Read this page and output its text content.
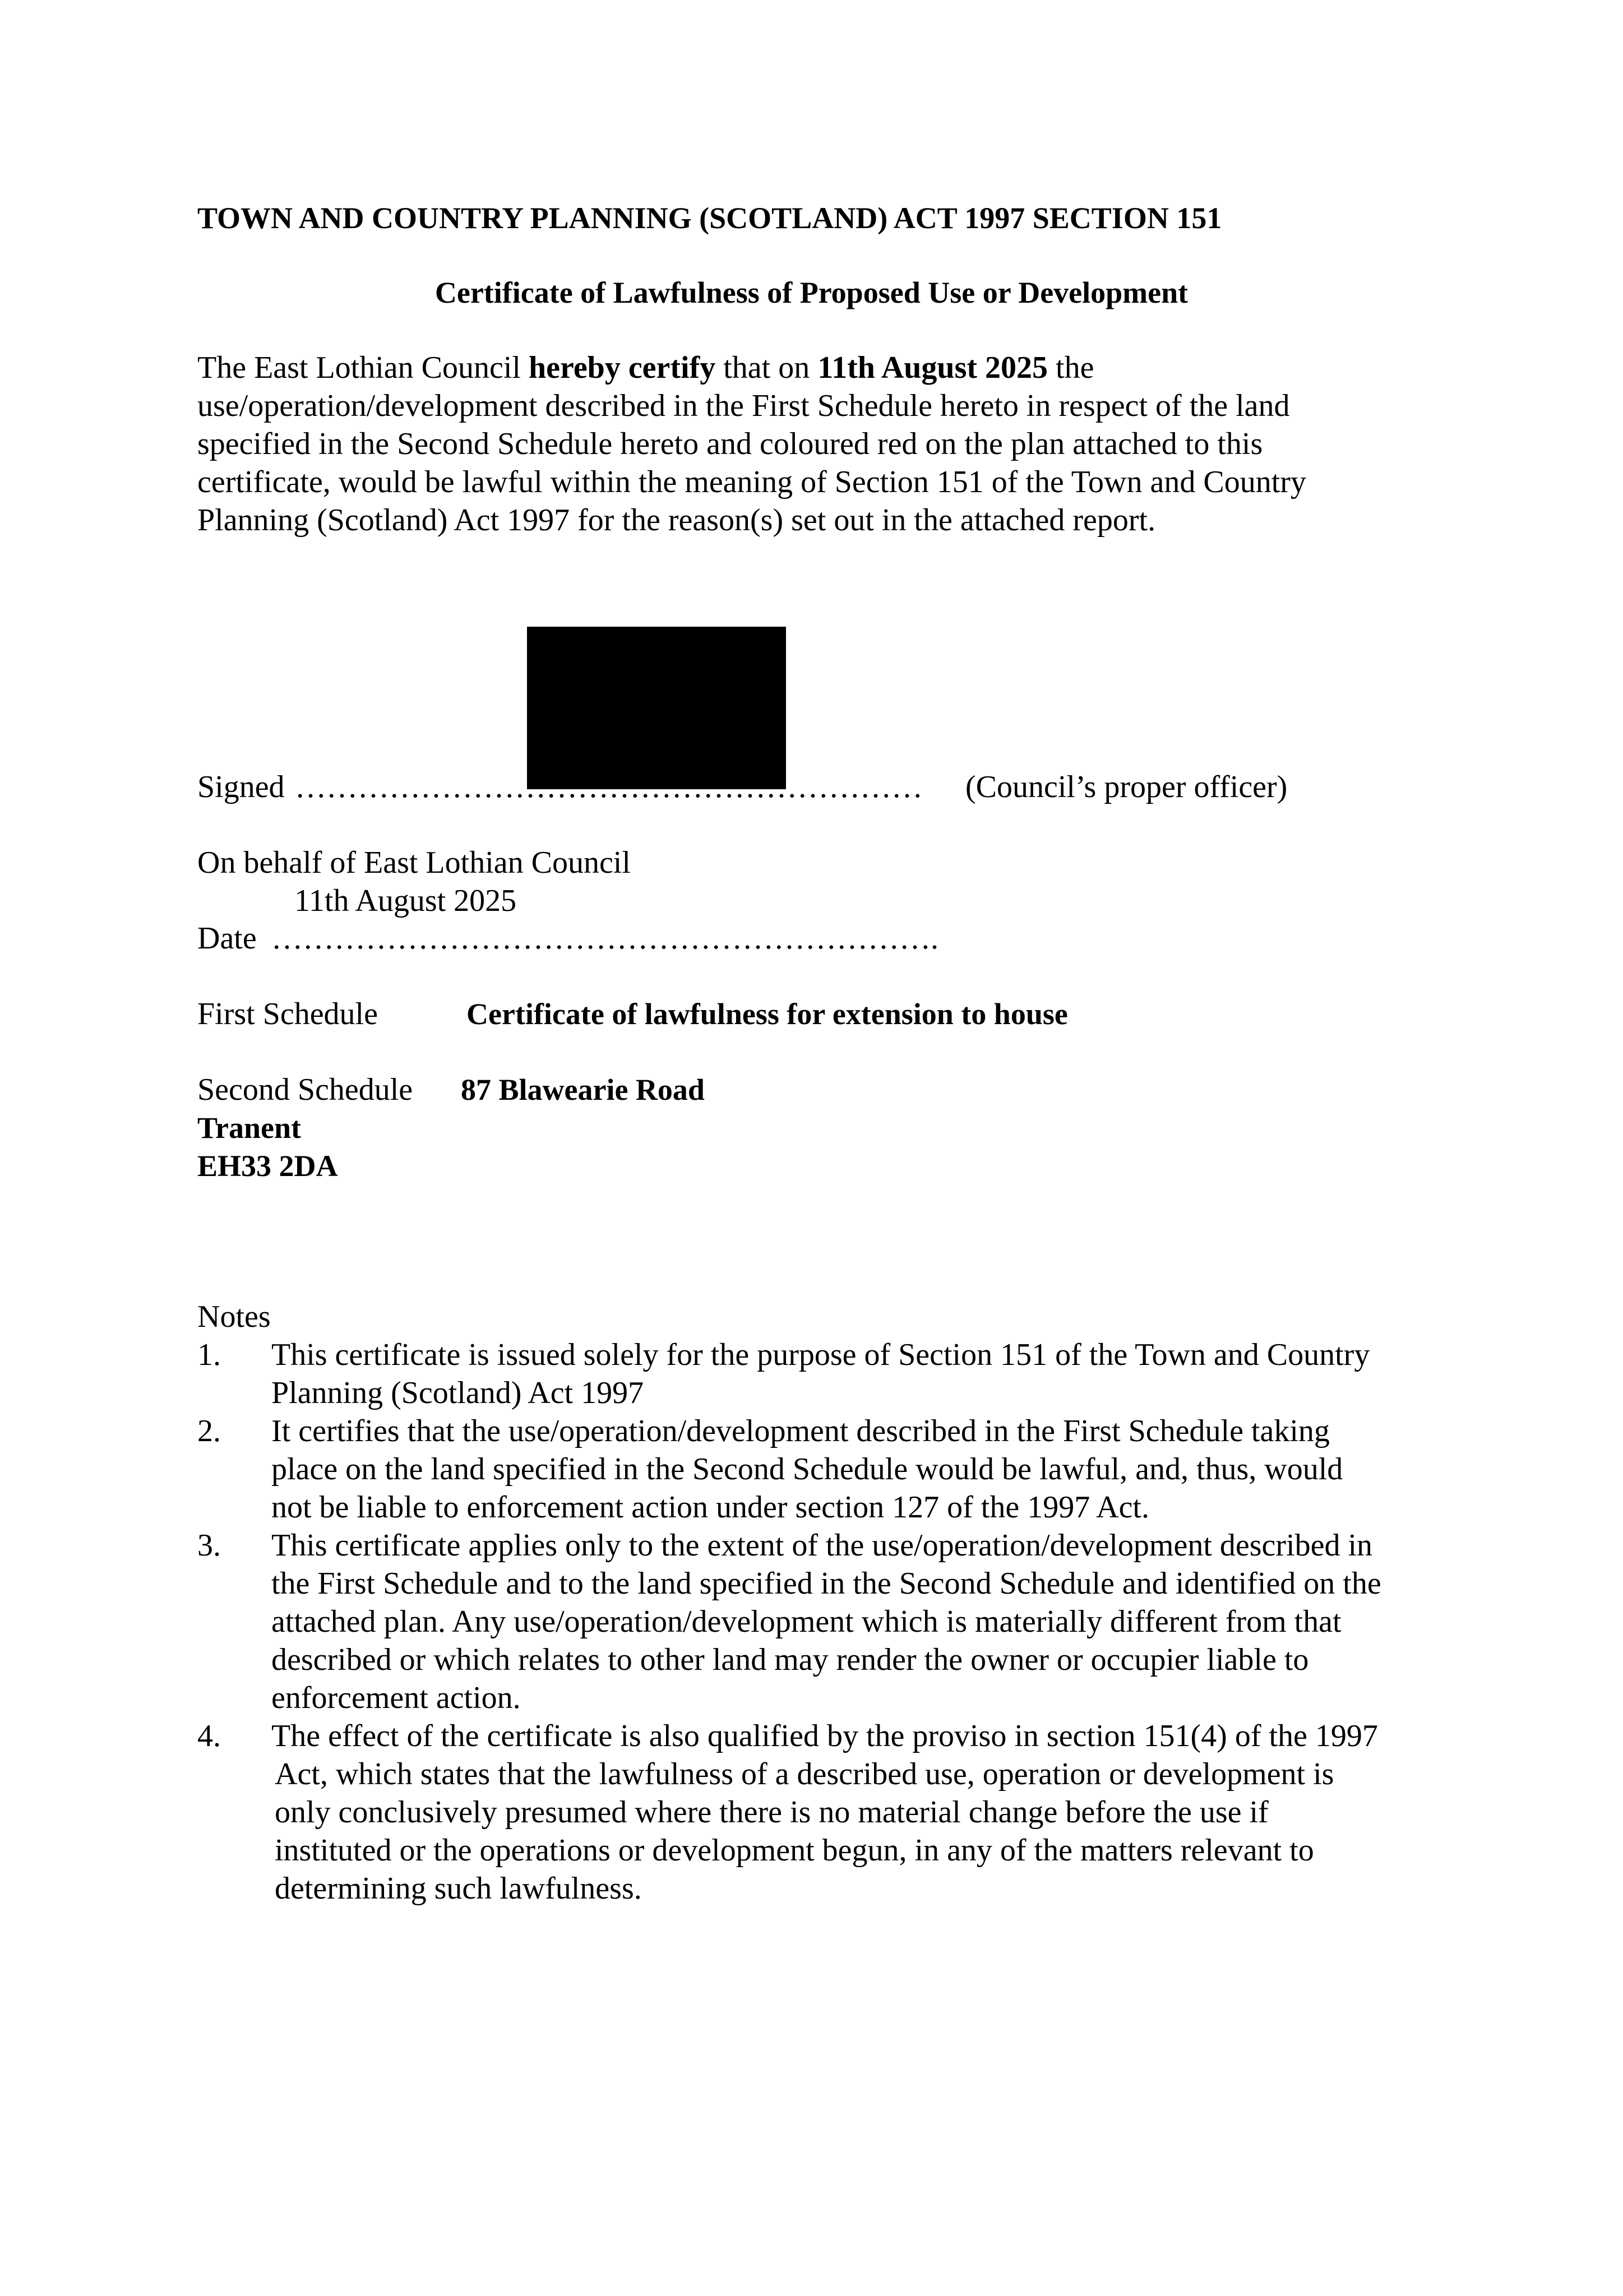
TOWN AND COUNTRY PLANNING (SCOTLAND) ACT 1997 SECTION 151
Certificate of Lawfulness of Proposed Use or Development
The East Lothian Council hereby certify that on 11th August 2025 the
use/operation/development described in the First Schedule hereto in respect of the land
specified in the Second Schedule hereto and coloured red on the plan attached to this
certificate, would be lawful within the meaning of Section 151 of the Town and Country
Planning (Scotland) Act 1997 for the reason(s) set out in the attached report.
Signed …………………………………………………… (Council’s proper officer)
On behalf of East Lothian Council
11th August 2025
Date ……………………………………………………….
First Schedule	Certificate of lawfulness for extension to house
Second Schedule 87 Blawearie Road
Tranent
EH33 2DA
Notes
1. This certificate is issued solely for the purpose of Section 151 of the Town and Country
Planning (Scotland) Act 1997
2. It certifies that the use/operation/development described in the First Schedule taking
place on the land specified in the Second Schedule would be lawful, and, thus, would
not be liable to enforcement action under section 127 of the 1997 Act.
3. This certificate applies only to the extent of the use/operation/development described in
the First Schedule and to the land specified in the Second Schedule and identified on the
attached plan. Any use/operation/development which is materially different from that
described or which relates to other land may render the owner or occupier liable to
enforcement action.
4. The effect of the certificate is also qualified by the proviso in section 151(4) of the 1997
Act, which states that the lawfulness of a described use, operation or development is
only conclusively presumed where there is no material change before the use if
instituted or the operations or development begun, in any of the matters relevant to
determining such lawfulness.
